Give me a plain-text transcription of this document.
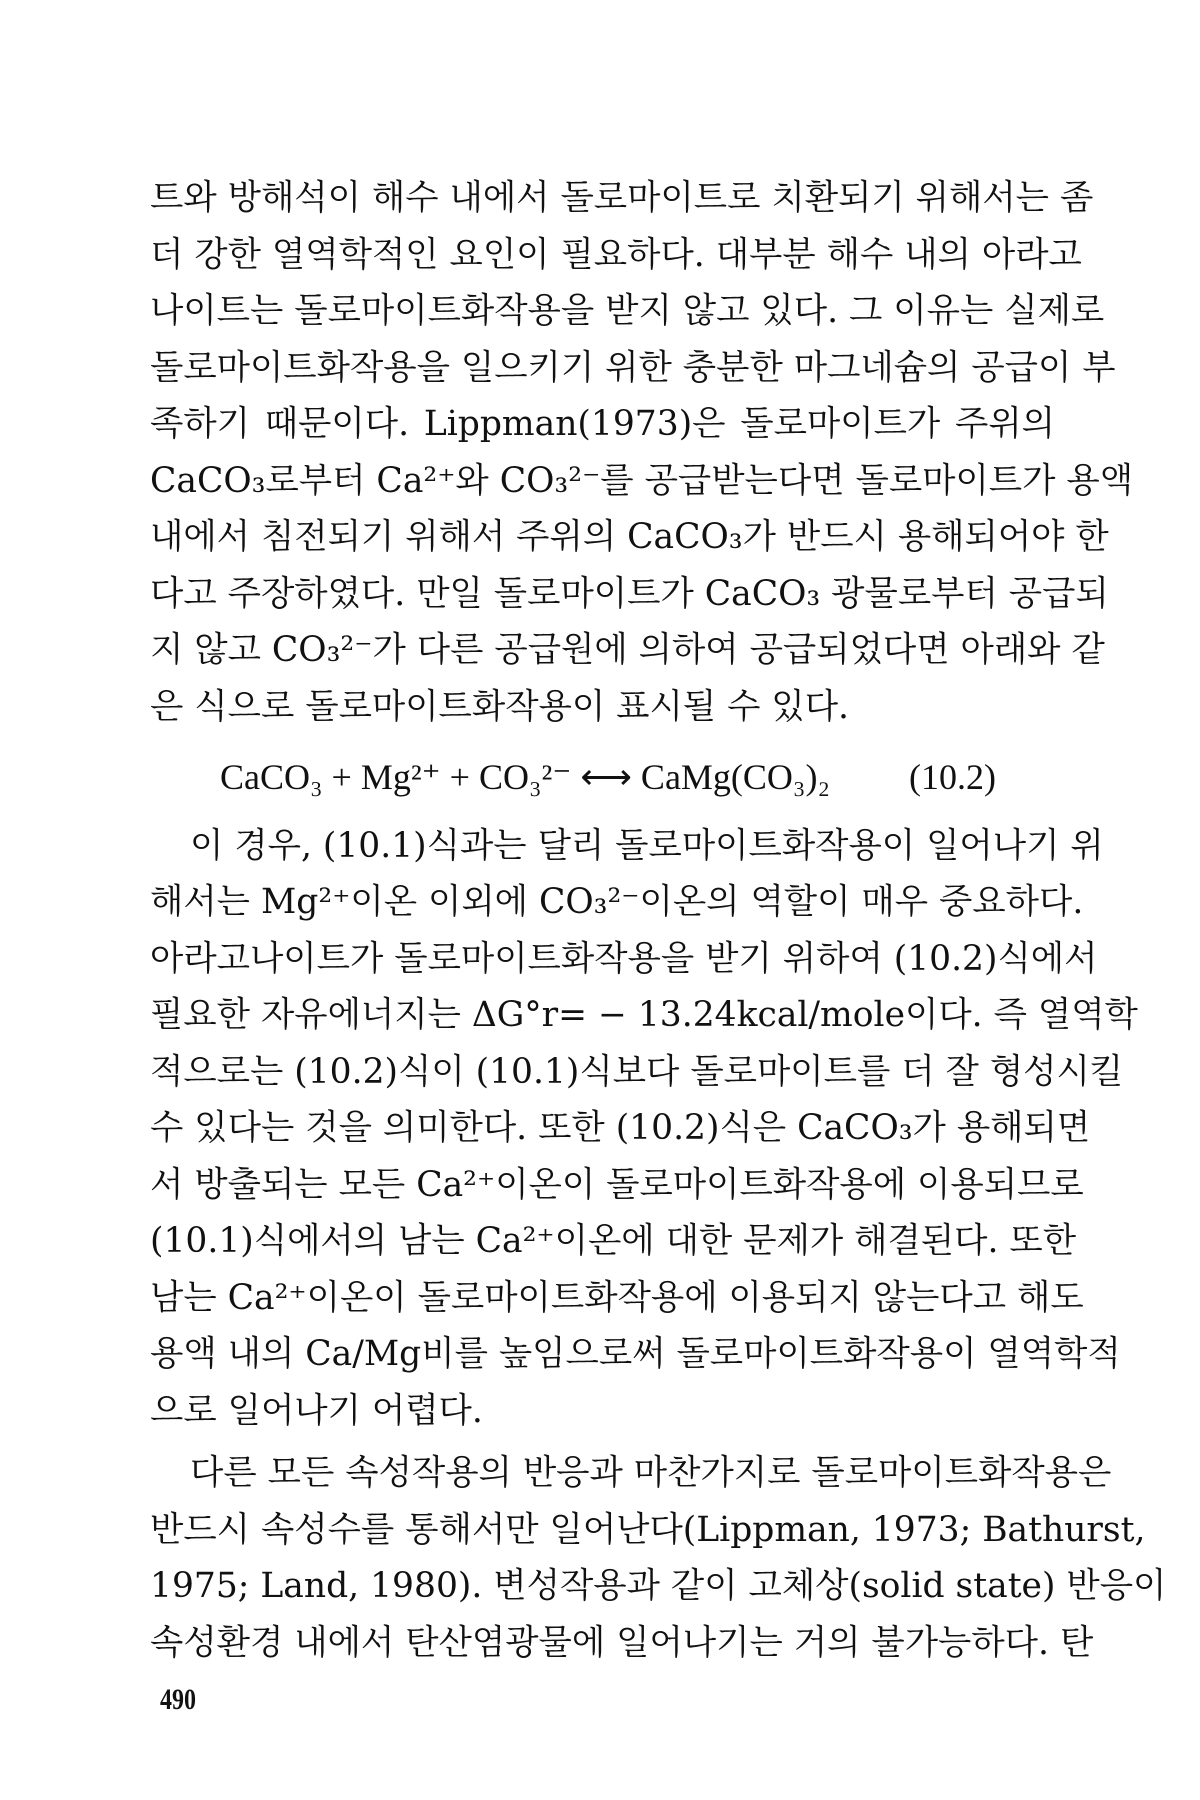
트와 방해석이 해수 내에서 돌로마이트로 치환되기 위해서는 좀
더 강한 열역학적인 요인이 필요하다. 대부분 해수 내의 아라고
나이트는 돌로마이트화작용을 받지 않고 있다. 그 이유는 실제로
돌로마이트화작용을 일으키기 위한 충분한 마그네슘의 공급이 부
족하기 때문이다. Lippman(1973)은 돌로마이트가 주위의
CaCO₃로부터 Ca²⁺와 CO₃²⁻를 공급받는다면 돌로마이트가 용액
내에서 침전되기 위해서 주위의 CaCO₃가 반드시 용해되어야 한
다고 주장하였다. 만일 돌로마이트가 CaCO₃ 광물로부터 공급되
지 않고 CO₃²⁻가 다른 공급원에 의하여 공급되었다면 아래와 같
은 식으로 돌로마이트화작용이 표시될 수 있다.
CaCO₃ + Mg²⁺ + CO₃²⁻ ⟷ CaMg(CO₃)₂ (10.2)
이 경우, (10.1)식과는 달리 돌로마이트화작용이 일어나기 위
해서는 Mg²⁺이온 이외에 CO₃²⁻이온의 역할이 매우 중요하다.
아라고나이트가 돌로마이트화작용을 받기 위하여 (10.2)식에서
필요한 자유에너지는 ΔG°r= − 13.24kcal/mole이다. 즉 열역학
적으로는 (10.2)식이 (10.1)식보다 돌로마이트를 더 잘 형성시킬
수 있다는 것을 의미한다. 또한 (10.2)식은 CaCO₃가 용해되면
서 방출되는 모든 Ca²⁺이온이 돌로마이트화작용에 이용되므로
(10.1)식에서의 남는 Ca²⁺이온에 대한 문제가 해결된다. 또한
남는 Ca²⁺이온이 돌로마이트화작용에 이용되지 않는다고 해도
용액 내의 Ca/Mg비를 높임으로써 돌로마이트화작용이 열역학적
으로 일어나기 어렵다.
다른 모든 속성작용의 반응과 마찬가지로 돌로마이트화작용은
반드시 속성수를 통해서만 일어난다(Lippman, 1973; Bathurst,
1975; Land, 1980). 변성작용과 같이 고체상(solid state) 반응이
속성환경 내에서 탄산염광물에 일어나기는 거의 불가능하다. 탄
490
